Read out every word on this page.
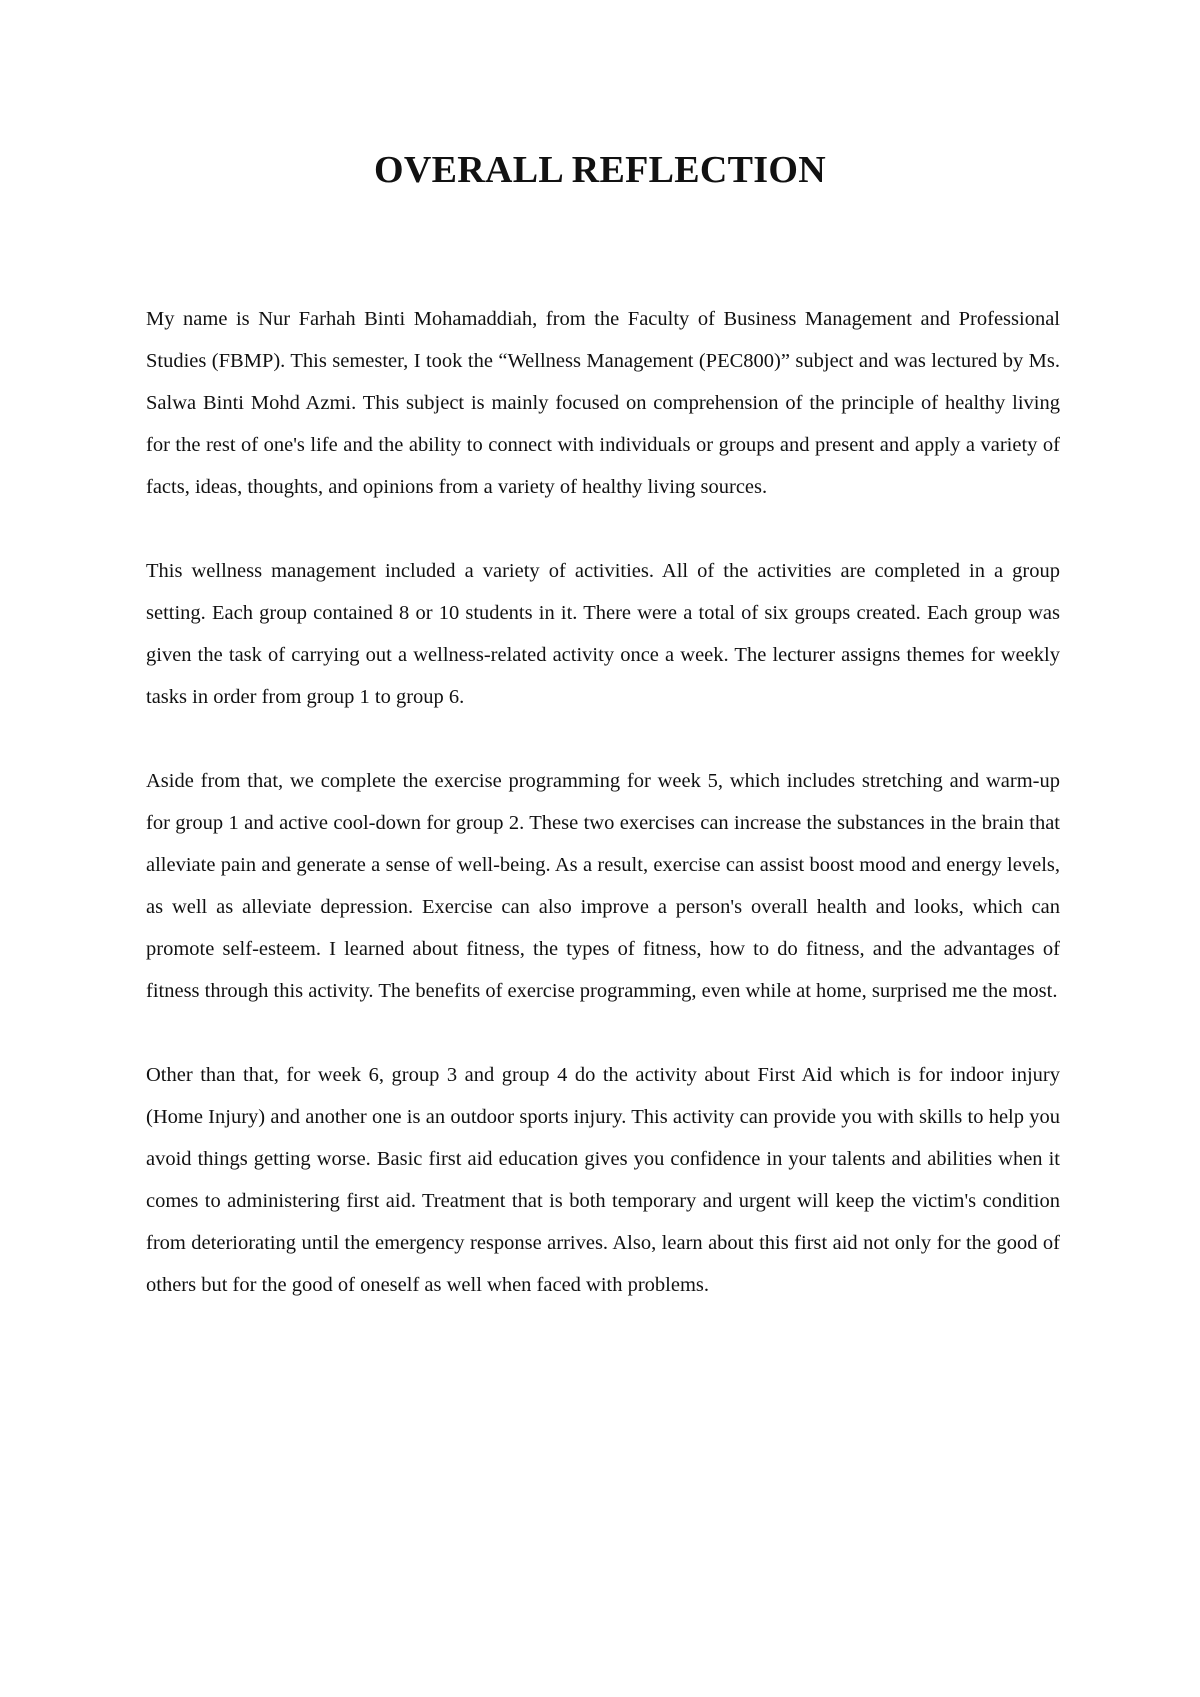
OVERALL REFLECTION

My name is Nur Farhah Binti Mohamaddiah, from the Faculty of Business Management and Professional Studies (FBMP). This semester, I took the “Wellness Management (PEC800)” subject and was lectured by Ms. Salwa Binti Mohd Azmi. This subject is mainly focused on comprehension of the principle of healthy living for the rest of one's life and the ability to connect with individuals or groups and present and apply a variety of facts, ideas, thoughts, and opinions from a variety of healthy living sources.

This wellness management included a variety of activities. All of the activities are completed in a group setting. Each group contained 8 or 10 students in it. There were a total of six groups created. Each group was given the task of carrying out a wellness-related activity once a week. The lecturer assigns themes for weekly tasks in order from group 1 to group 6.

Aside from that, we complete the exercise programming for week 5, which includes stretching and warm-up for group 1 and active cool-down for group 2. These two exercises can increase the substances in the brain that alleviate pain and generate a sense of well-being. As a result, exercise can assist boost mood and energy levels, as well as alleviate depression. Exercise can also improve a person's overall health and looks, which can promote self-esteem. I learned about fitness, the types of fitness, how to do fitness, and the advantages of fitness through this activity. The benefits of exercise programming, even while at home, surprised me the most.

Other than that, for week 6, group 3 and group 4 do the activity about First Aid which is for indoor injury (Home Injury) and another one is an outdoor sports injury. This activity can provide you with skills to help you avoid things getting worse. Basic first aid education gives you confidence in your talents and abilities when it comes to administering first aid. Treatment that is both temporary and urgent will keep the victim's condition from deteriorating until the emergency response arrives. Also, learn about this first aid not only for the good of others but for the good of oneself as well when faced with problems.
